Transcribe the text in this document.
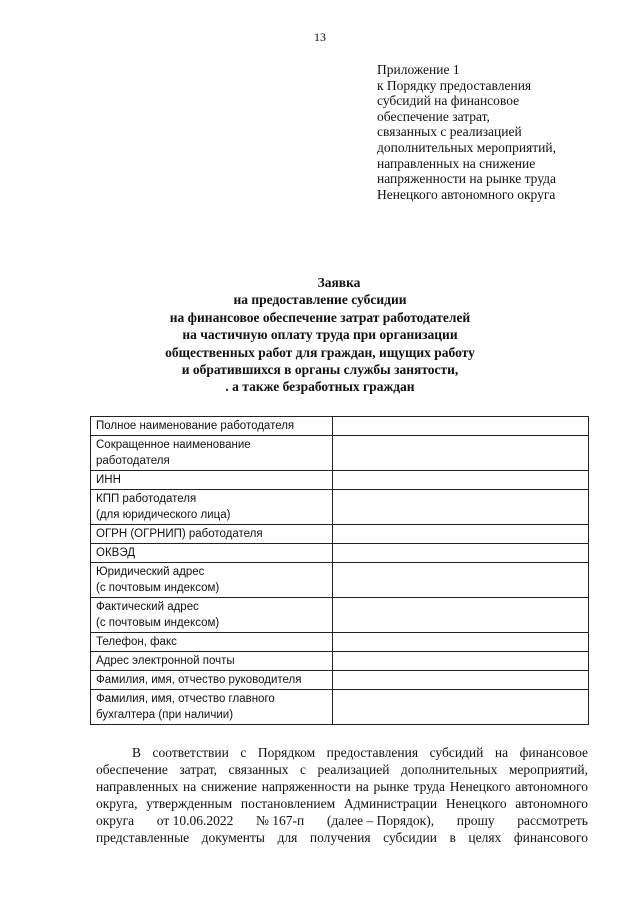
13
Приложение 1
к Порядку предоставления
субсидий на финансовое
обеспечение затрат,
связанных с реализацией
дополнительных мероприятий,
направленных на снижение
напряженности на рынке труда
Ненецкого автономного округа
Заявка
на предоставление субсидии
на финансовое обеспечение затрат работодателей
на частичную оплату труда при организации
общественных работ для граждан, ищущих работу
и обратившихся в органы службы занятости,
. а также безработных граждан
Полное наименование работодателя	
Сокращенное наименование работодателя	
ИНН	
КПП работодателя
(для юридического лица)	
ОГРН (ОГРНИП) работодателя	
ОКВЭД	
Юридический адрес
(с почтовым индексом)	
Фактический адрес
(с почтовым индексом)	
Телефон, факс	
Адрес электронной почты	
Фамилия, имя, отчество руководителя	
Фамилия, имя, отчество главного
бухгалтера (при наличии)	
В соответствии с Порядком предоставления субсидий на финансовое
обеспечение затрат, связанных с реализацией дополнительных мероприятий,
направленных на снижение напряженности на рынке труда Ненецкого автономного
округа, утвержденным постановлением Администрации Ненецкого автономного
округа от 10.06.2022 № 167-п (далее – Порядок), прошу рассмотреть
представленные документы для получения субсидии в целях финансового
